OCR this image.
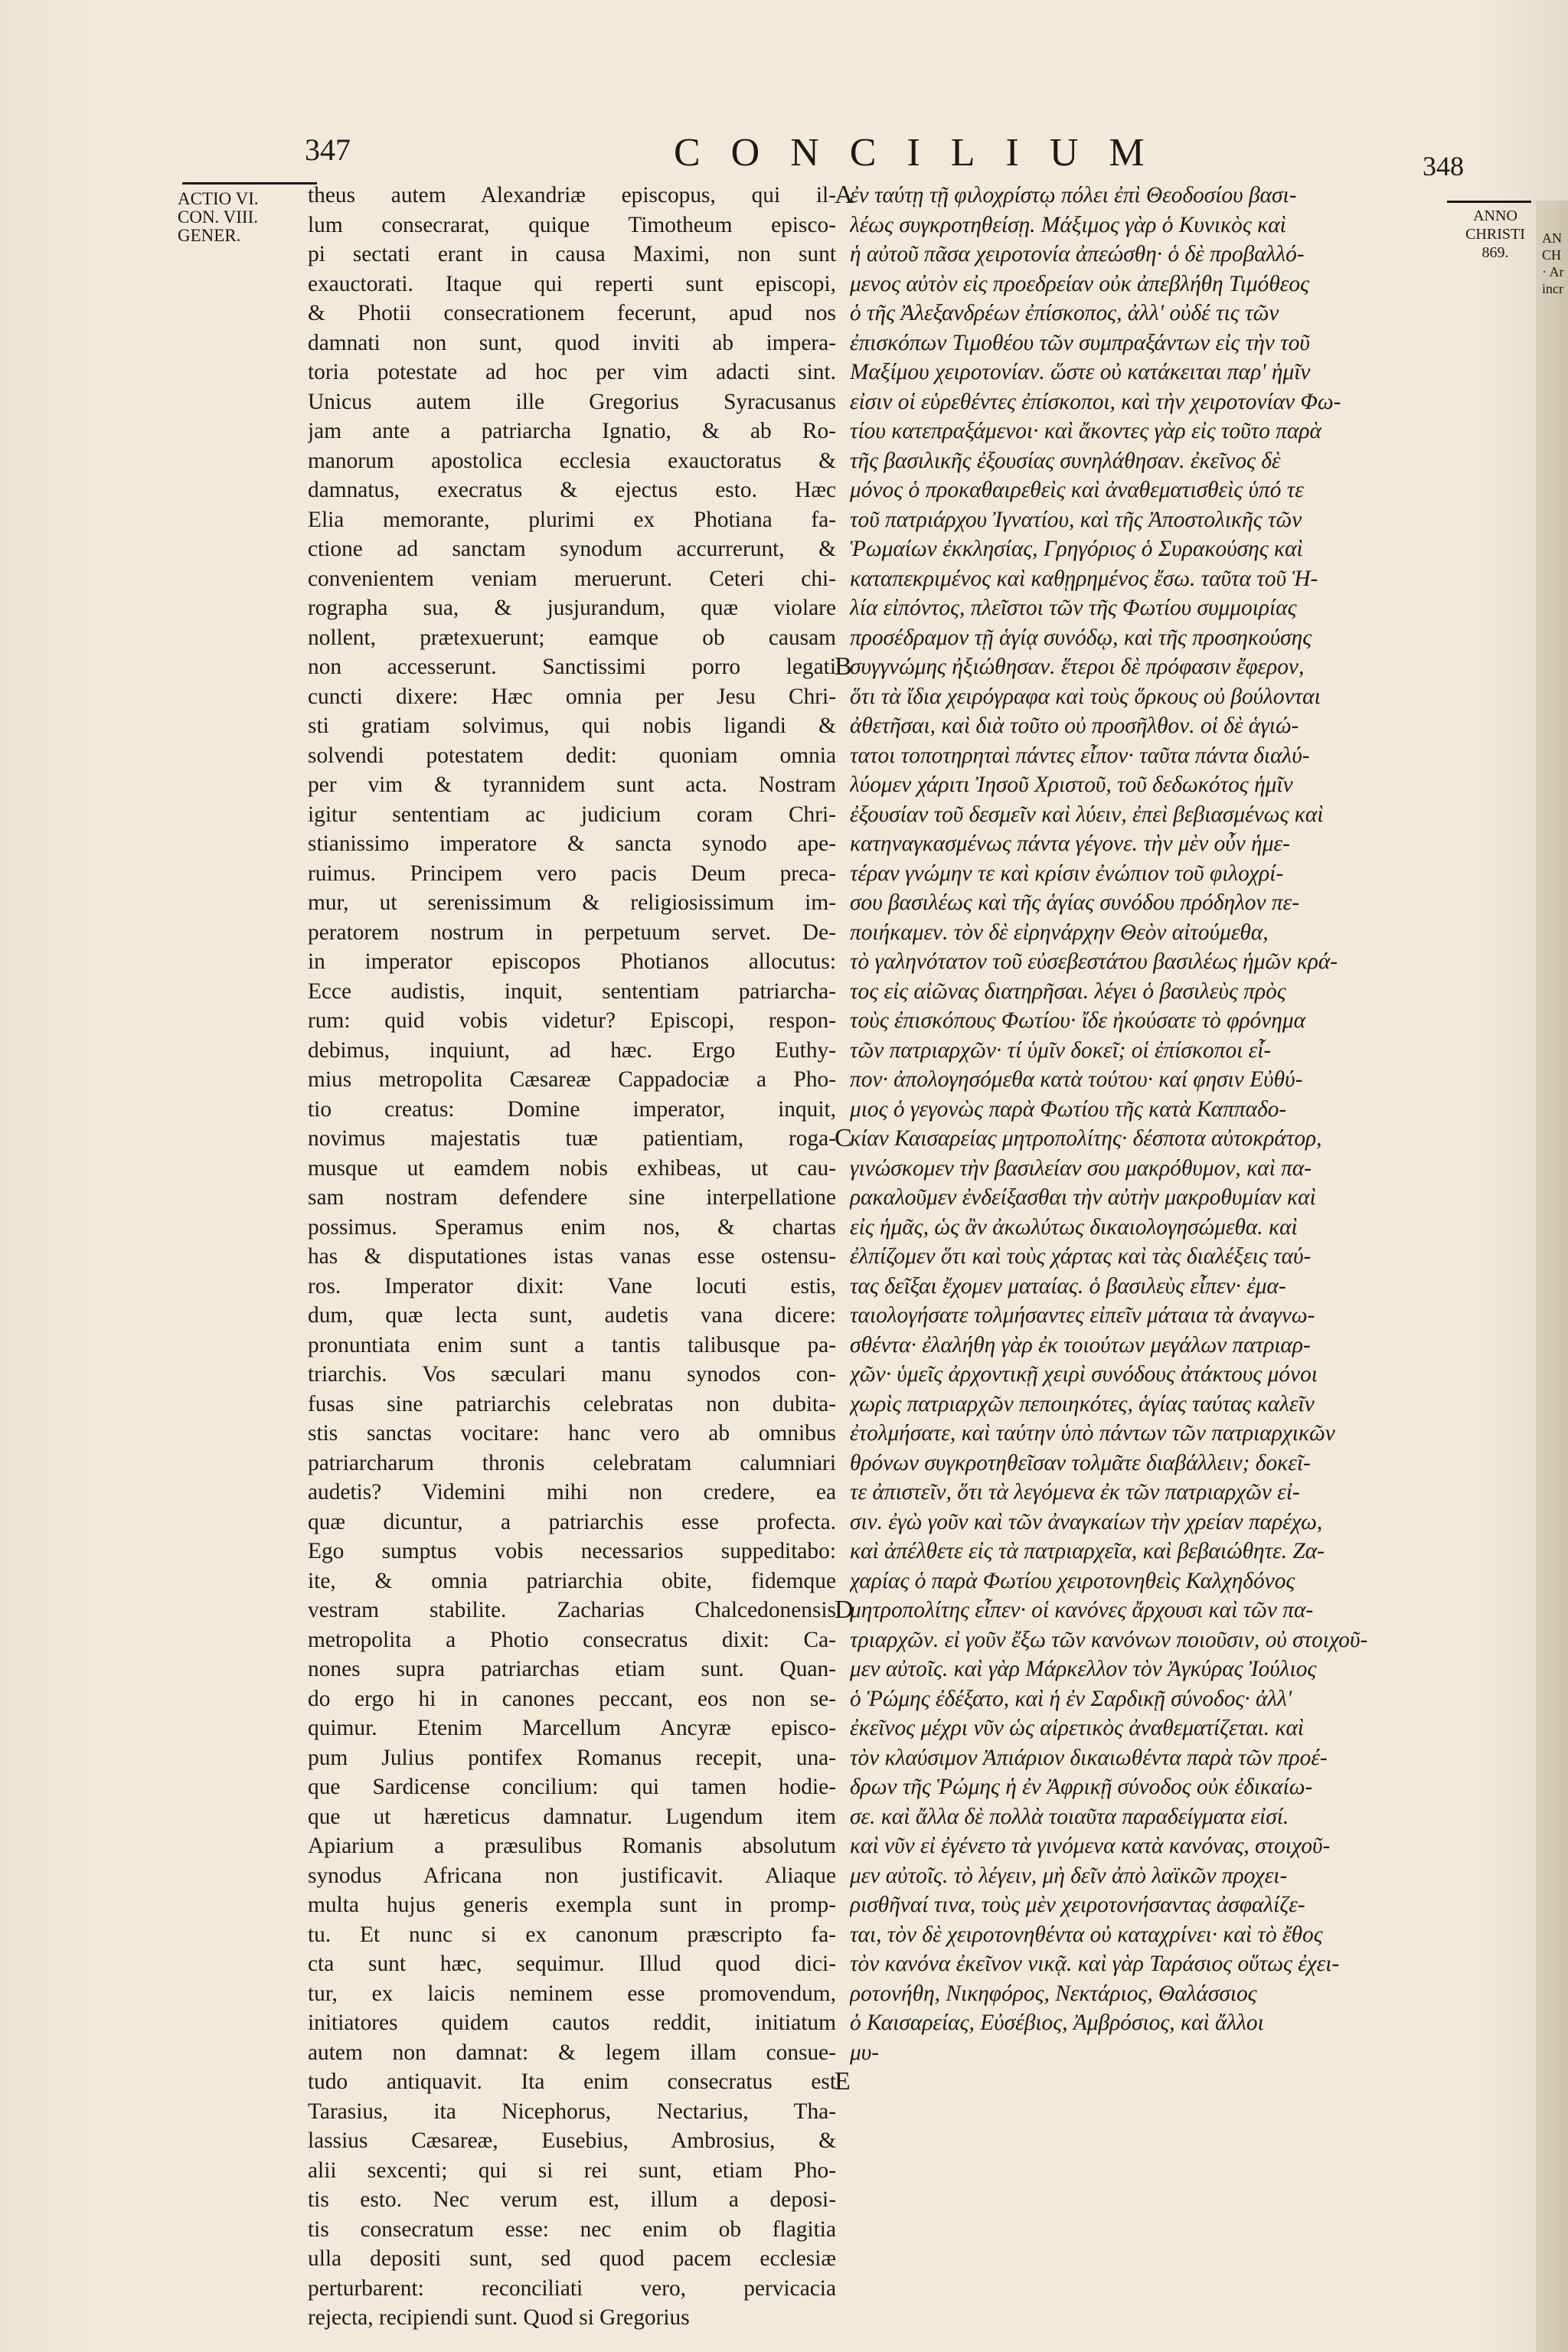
AN
CH
· Ar
incr
347	CONCILIUM	348
ACTIO VI.
CON. VIII.
GENER.
ANNO
CHRISTI
869.
theus autem Alexandriæ episcopus, qui il-
lum consecrarat, quique Timotheum episco-
pi sectati erant in causa Maximi, non sunt
exauctorati. Itaque qui reperti sunt episcopi,
& Photii consecrationem fecerunt, apud nos
damnati non sunt, quod inviti ab impera-
toria potestate ad hoc per vim adacti sint.
Unicus autem ille Gregorius Syracusanus
jam ante a patriarcha Ignatio, & ab Ro-
manorum apostolica ecclesia exauctoratus &
damnatus, execratus & ejectus esto. Hæc
Elia memorante, plurimi ex Photiana fa-
ctione ad sanctam synodum accurrerunt, &
convenientem veniam meruerunt. Ceteri chi-
rographa sua, & jusjurandum, quæ violare
nollent, prætexuerunt; eamque ob causam
non accesserunt. Sanctissimi porro legati
cuncti dixere: Hæc omnia per Jesu Chri-
sti gratiam solvimus, qui nobis ligandi &
solvendi potestatem dedit: quoniam omnia
per vim & tyrannidem sunt acta. Nostram
igitur sententiam ac judicium coram Chri-
stianissimo imperatore & sancta synodo ape-
ruimus. Principem vero pacis Deum preca-
mur, ut serenissimum & religiosissimum im-
peratorem nostrum in perpetuum servet. De-
in imperator episcopos Photianos allocutus:
Ecce audistis, inquit, sententiam patriarcha-
rum: quid vobis videtur? Episcopi, respon-
debimus, inquiunt, ad hæc. Ergo Euthy-
mius metropolita Cæsareæ Cappadociæ a Pho-
tio creatus: Domine imperator, inquit,
novimus majestatis tuæ patientiam, roga-
musque ut eamdem nobis exhibeas, ut cau-
sam nostram defendere sine interpellatione
possimus. Speramus enim nos, & chartas
has & disputationes istas vanas esse ostensu-
ros. Imperator dixit: Vane locuti estis,
dum, quæ lecta sunt, audetis vana dicere:
pronuntiata enim sunt a tantis talibusque pa-
triarchis. Vos sæculari manu synodos con-
fusas sine patriarchis celebratas non dubita-
stis sanctas vocitare: hanc vero ab omnibus
patriarcharum thronis celebratam calumniari
audetis? Videmini mihi non credere, ea
quæ dicuntur, a patriarchis esse profecta.
Ego sumptus vobis necessarios suppeditabo:
ite, & omnia patriarchia obite, fidemque
vestram stabilite. Zacharias Chalcedonensis
metropolita a Photio consecratus dixit: Ca-
nones supra patriarchas etiam sunt. Quan-
do ergo hi in canones peccant, eos non se-
quimur. Etenim Marcellum Ancyræ episco-
pum Julius pontifex Romanus recepit, una-
que Sardicense concilium: qui tamen hodie-
que ut hæreticus damnatur. Lugendum item
Apiarium a præsulibus Romanis absolutum
synodus Africana non justificavit. Aliaque
multa hujus generis exempla sunt in promp-
tu. Et nunc si ex canonum præscripto fa-
cta sunt hæc, sequimur. Illud quod dici-
tur, ex laicis neminem esse promovendum,
initiatores quidem cautos reddit, initiatum
autem non damnat: & legem illam consue-
tudo antiquavit. Ita enim consecratus est
Tarasius, ita Nicephorus, Nectarius, Tha-
lassius Cæsareæ, Eusebius, Ambrosius, &
alii sexcenti; qui si rei sunt, etiam Pho-
tis esto. Nec verum est, illum a deposi-
tis consecratum esse: nec enim ob flagitia
ulla depositi sunt, sed quod pacem ecclesiæ
perturbarent: reconciliati vero, pervicacia
rejecta, recipiendi sunt. Quod si Gregorius
A
B
C
D
E
ἐν ταύτῃ τῇ φιλοχρίστῳ πόλει ἐπὶ Θεοδοσίου βασι-
λέως συγκροτηθείσῃ. Μάξιμος γὰρ ὁ Κυνικὸς καὶ
ἡ αὐτοῦ πᾶσα χειροτονία ἀπεώσθη· ὁ δὲ προβαλλό-
μενος αὐτὸν εἰς προεδρείαν οὐκ ἀπεβλήθη Τιμόθεος
ὁ τῆς Ἀλεξανδρέων ἐπίσκοπος, ἀλλ' οὐδέ τις τῶν
ἐπισκόπων Τιμοθέου τῶν συμπραξάντων εἰς τὴν τοῦ
Μαξίμου χειροτονίαν. ὥστε οὐ κατάκειται παρ' ἡμῖν
εἰσιν οἱ εὑρεθέντες ἐπίσκοποι, καὶ τὴν χειροτονίαν Φω-
τίου κατεπραξάμενοι· καὶ ἄκοντες γὰρ εἰς τοῦτο παρὰ
τῆς βασιλικῆς ἐξουσίας συνηλάθησαν. ἐκεῖνος δὲ
μόνος ὁ προκαθαιρεθεὶς καὶ ἀναθεματισθεὶς ὑπό τε
τοῦ πατριάρχου Ἰγνατίου, καὶ τῆς Ἀποστολικῆς τῶν
Ῥωμαίων ἐκκλησίας, Γρηγόριος ὁ Συρακούσης καὶ
καταπεκριμένος καὶ καθῃρημένος ἔσω. ταῦτα τοῦ Ἡ-
λία εἰπόντος, πλεῖστοι τῶν τῆς Φωτίου συμμοιρίας
προσέδραμον τῇ ἁγίᾳ συνόδῳ, καὶ τῆς προσηκούσης
συγγνώμης ἠξιώθησαν. ἕτεροι δὲ πρόφασιν ἔφερον,
ὅτι τὰ ἴδια χειρόγραφα καὶ τοὺς ὅρκους οὐ βούλονται
ἀθετῆσαι, καὶ διὰ τοῦτο οὐ προσῆλθον. οἱ δὲ ἁγιώ-
τατοι τοποτηρηταὶ πάντες εἶπον· ταῦτα πάντα διαλύ-
λύομεν χάριτι Ἰησοῦ Χριστοῦ, τοῦ δεδωκότος ἡμῖν
ἐξουσίαν τοῦ δεσμεῖν καὶ λύειν, ἐπεὶ βεβιασμένως καὶ
κατηναγκασμένως πάντα γέγονε. τὴν μὲν οὖν ἡμε-
τέραν γνώμην τε καὶ κρίσιν ἐνώπιον τοῦ φιλοχρί-
σου βασιλέως καὶ τῆς ἁγίας συνόδου πρόδηλον πε-
ποιήκαμεν. τὸν δὲ εἰρηνάρχην Θεὸν αἰτούμεθα,
τὸ γαληνότατον τοῦ εὐσεβεστάτου βασιλέως ἡμῶν κρά-
τος εἰς αἰῶνας διατηρῆσαι. λέγει ὁ βασιλεὺς πρὸς
τοὺς ἐπισκόπους Φωτίου· ἴδε ἠκούσατε τὸ φρόνημα
τῶν πατριαρχῶν· τί ὑμῖν δοκεῖ; οἱ ἐπίσκοποι εἶ-
πον· ἀπολογησόμεθα κατὰ τούτου· καί φησιν Εὐθύ-
μιος ὁ γεγονὼς παρὰ Φωτίου τῆς κατὰ Καππαδο-
κίαν Καισαρείας μητροπολίτης· δέσποτα αὐτοκράτορ,
γινώσκομεν τὴν βασιλείαν σου μακρόθυμον, καὶ πα-
ρακαλοῦμεν ἐνδείξασθαι τὴν αὐτὴν μακροθυμίαν καὶ
εἰς ἡμᾶς, ὡς ἂν ἀκωλύτως δικαιολογησώμεθα. καὶ
ἐλπίζομεν ὅτι καὶ τοὺς χάρτας καὶ τὰς διαλέξεις ταύ-
τας δεῖξαι ἔχομεν ματαίας. ὁ βασιλεὺς εἶπεν· ἐμα-
ταιολογήσατε τολμήσαντες εἰπεῖν μάταια τὰ ἀναγνω-
σθέντα· ἐλαλήθη γὰρ ἐκ τοιούτων μεγάλων πατριαρ-
χῶν· ὑμεῖς ἀρχοντικῇ χειρὶ συνόδους ἀτάκτους μόνοι
χωρὶς πατριαρχῶν πεποιηκότες, ἁγίας ταύτας καλεῖν
ἐτολμήσατε, καὶ ταύτην ὑπὸ πάντων τῶν πατριαρχικῶν
θρόνων συγκροτηθεῖσαν τολμᾶτε διαβάλλειν; δοκεῖ-
τε ἀπιστεῖν, ὅτι τὰ λεγόμενα ἐκ τῶν πατριαρχῶν εἰ-
σιν. ἐγὼ γοῦν καὶ τῶν ἀναγκαίων τὴν χρείαν παρέχω,
καὶ ἀπέλθετε εἰς τὰ πατριαρχεῖα, καὶ βεβαιώθητε. Ζα-
χαρίας ὁ παρὰ Φωτίου χειροτονηθεὶς Καλχηδόνος
μητροπολίτης εἶπεν· οἱ κανόνες ἄρχουσι καὶ τῶν πα-
τριαρχῶν. εἰ γοῦν ἔξω τῶν κανόνων ποιοῦσιν, οὐ στοιχοῦ-
μεν αὐτοῖς. καὶ γὰρ Μάρκελλον τὸν Ἀγκύρας Ἰούλιος
ὁ Ῥώμης ἐδέξατο, καὶ ἡ ἐν Σαρδικῇ σύνοδος· ἀλλ'
ἐκεῖνος μέχρι νῦν ὡς αἱρετικὸς ἀναθεματίζεται. καὶ
τὸν κλαύσιμον Ἀπιάριον δικαιωθέντα παρὰ τῶν προέ-
δρων τῆς Ῥώμης ἡ ἐν Ἀφρικῇ σύνοδος οὐκ ἐδικαίω-
σε. καὶ ἄλλα δὲ πολλὰ τοιαῦτα παραδείγματα εἰσί.
καὶ νῦν εἰ ἐγένετο τὰ γινόμενα κατὰ κανόνας, στοιχοῦ-
μεν αὐτοῖς. τὸ λέγειν, μὴ δεῖν ἀπὸ λαϊκῶν προχει-
ρισθῆναί τινα, τοὺς μὲν χειροτονήσαντας ἀσφαλίζε-
ται, τὸν δὲ χειροτονηθέντα οὐ καταχρίνει· καὶ τὸ ἔθος
τὸν κανόνα ἐκεῖνον νικᾷ. καὶ γὰρ Ταράσιος οὕτως ἐχει-
ροτονήθη, Νικηφόρος, Νεκτάριος, Θαλάσσιος
ὁ Καισαρείας, Εὐσέβιος, Ἀμβρόσιος, καὶ ἄλλοι
μυ-
